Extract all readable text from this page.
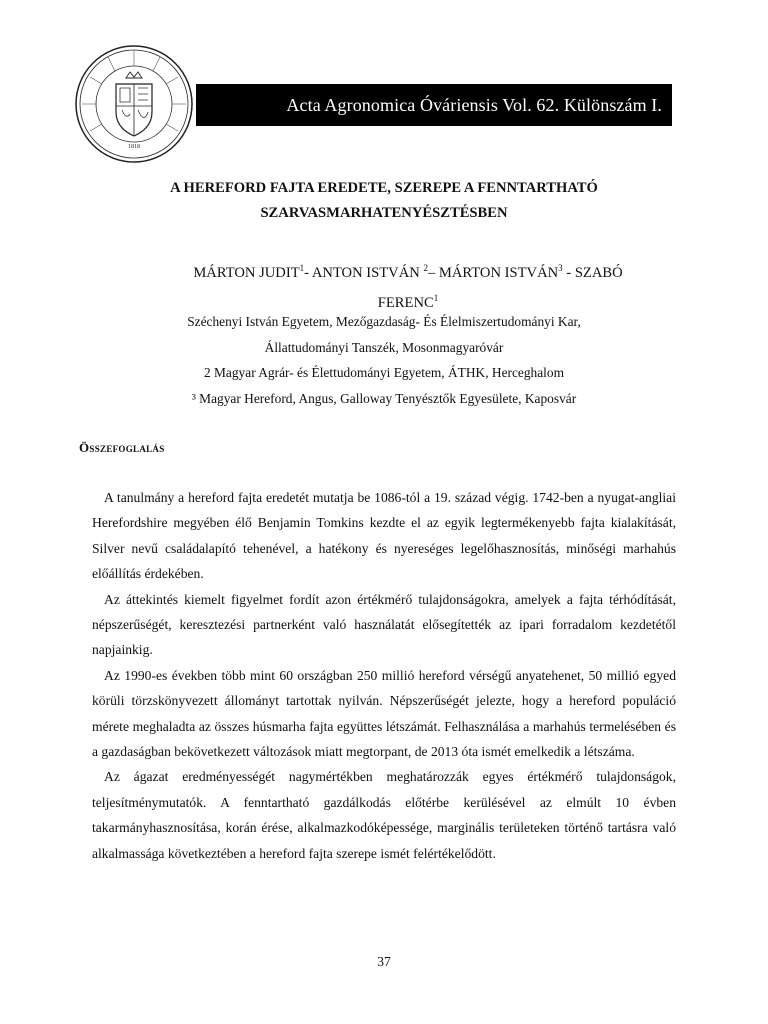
1818
Acta Agronomica Óváriensis Vol. 62. Különszám I.
A HEREFORD FAJTA EREDETE, SZEREPE A FENNTARTHATÓ
SZARVASMARHATENYÉSZTÉSBEN
MÁRTON JUDIT$^1$- ANTON ISTVÁN $^2$– MÁRTON ISTVÁN$^3$ - SZABÓ
FERENC$^1$
Széchenyi István Egyetem, Mezőgazdaság- És Élelmiszertudományi Kar,
Állattudományi Tanszék, Mosonmagyaróvár
2 Magyar Agrár- és Élettudományi Egyetem, ÁTHK, Herceghalom
³ Magyar Hereford, Angus, Galloway Tenyésztők Egyesülete, Kaposvár
Összefoglalás

A tanulmány a hereford fajta eredetét mutatja be 1086-tól a 19. század végig. 1742-ben a nyugat-angliai Herefordshire megyében élő Benjamin Tomkins kezdte el az egyik legtermékenyebb fajta kialakítását, Silver nevű családalapító tehenével, a hatékony és nyereséges legelőhasznosítás, minőségi marhahús előállítás érdekében.

Az áttekintés kiemelt figyelmet fordít azon értékmérő tulajdonságokra, amelyek a fajta térhódítását, népszerűségét, keresztezési partnerként való használatát elősegítették az ipari forradalom kezdetétől napjainkig.

Az 1990-es években több mint 60 országban 250 millió hereford vérségű anyatehenet, 50 millió egyed körüli törzskönyvezett állományt tartottak nyilván. Népszerűségét jelezte, hogy a hereford populáció mérete meghaladta az összes húsmarha fajta együttes létszámát. Felhasználása a marhahús termelésében és a gazdaságban bekövetkezett változások miatt megtorpant, de 2013 óta ismét emelkedik a létszáma.

Az ágazat eredményességét nagymértékben meghatározzák egyes értékmérő tulajdonságok, teljesítménymutatók. A fenntartható gazdálkodás előtérbe kerülésével az elmúlt 10 évben takarmányhasznosítása, korán érése, alkalmazkodóképessége, marginális területeken történő tartásra való alkalmassága következtében a hereford fajta szerepe ismét felértékelődött.

37
